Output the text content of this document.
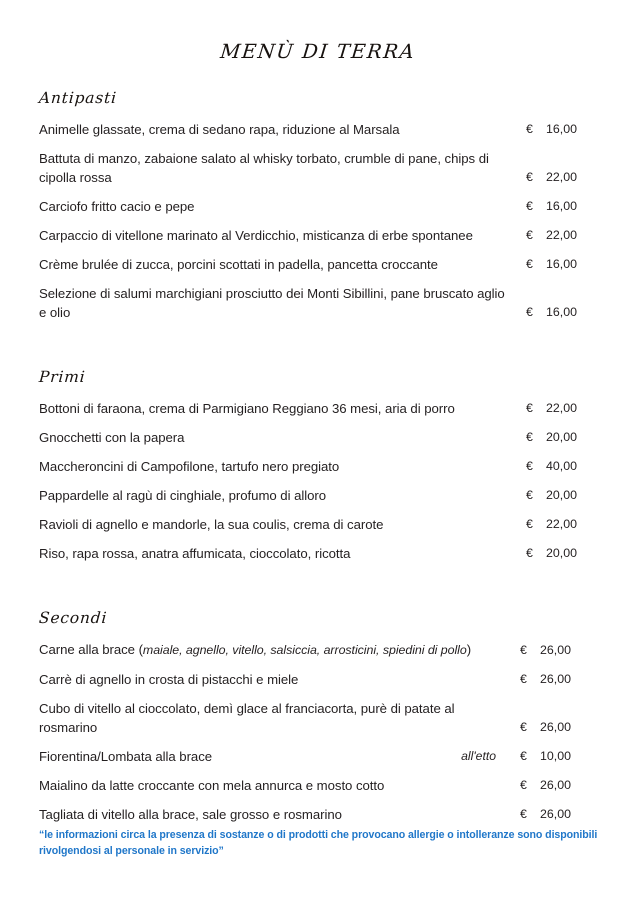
MENÙ DI TERRA
Antipasti
Animelle glassate, crema di sedano rapa, riduzione al Marsala	€ 16,00
Battuta di manzo, zabaione salato al whisky torbato, crumble di pane, chips di cipolla rossa	€ 22,00
Carciofo fritto cacio e pepe	€ 16,00
Carpaccio di vitellone marinato al Verdicchio, misticanza di erbe spontanee	€ 22,00
Crème brulée di zucca, porcini scottati in padella, pancetta croccante	€ 16,00
Selezione di salumi marchigiani prosciutto dei Monti Sibillini, pane bruscato aglio e olio	€ 16,00
Primi
Bottoni di faraona, crema di Parmigiano Reggiano 36 mesi, aria di porro	€ 22,00
Gnocchetti con la papera	€ 20,00
Maccheroncini di Campofilone, tartufo nero pregiato	€ 40,00
Pappardelle al ragù di cinghiale, profumo di alloro	€ 20,00
Ravioli di agnello e mandorle, la sua coulis, crema di carote	€ 22,00
Riso, rapa rossa, anatra affumicata, cioccolato, ricotta	€ 20,00
Secondi
Carne alla brace (maiale, agnello, vitello, salsiccia, arrosticini, spiedini di pollo)	€ 26,00
Carrè di agnello in crosta di pistacchi e miele	€ 26,00
Cubo di vitello al cioccolato, demì glace al franciacorta, purè di patate al rosmarino	€ 26,00
Fiorentina/Lombata alla brace	all'etto	€ 10,00
Maialino da latte croccante con mela annurca e mosto cotto	€ 26,00
Tagliata di vitello alla brace, sale grosso e rosmarino	€ 26,00
“le informazioni circa la presenza di sostanze o di prodotti che provocano allergie o intolleranze sono disponibili rivolgendosi al personale in servizio”
